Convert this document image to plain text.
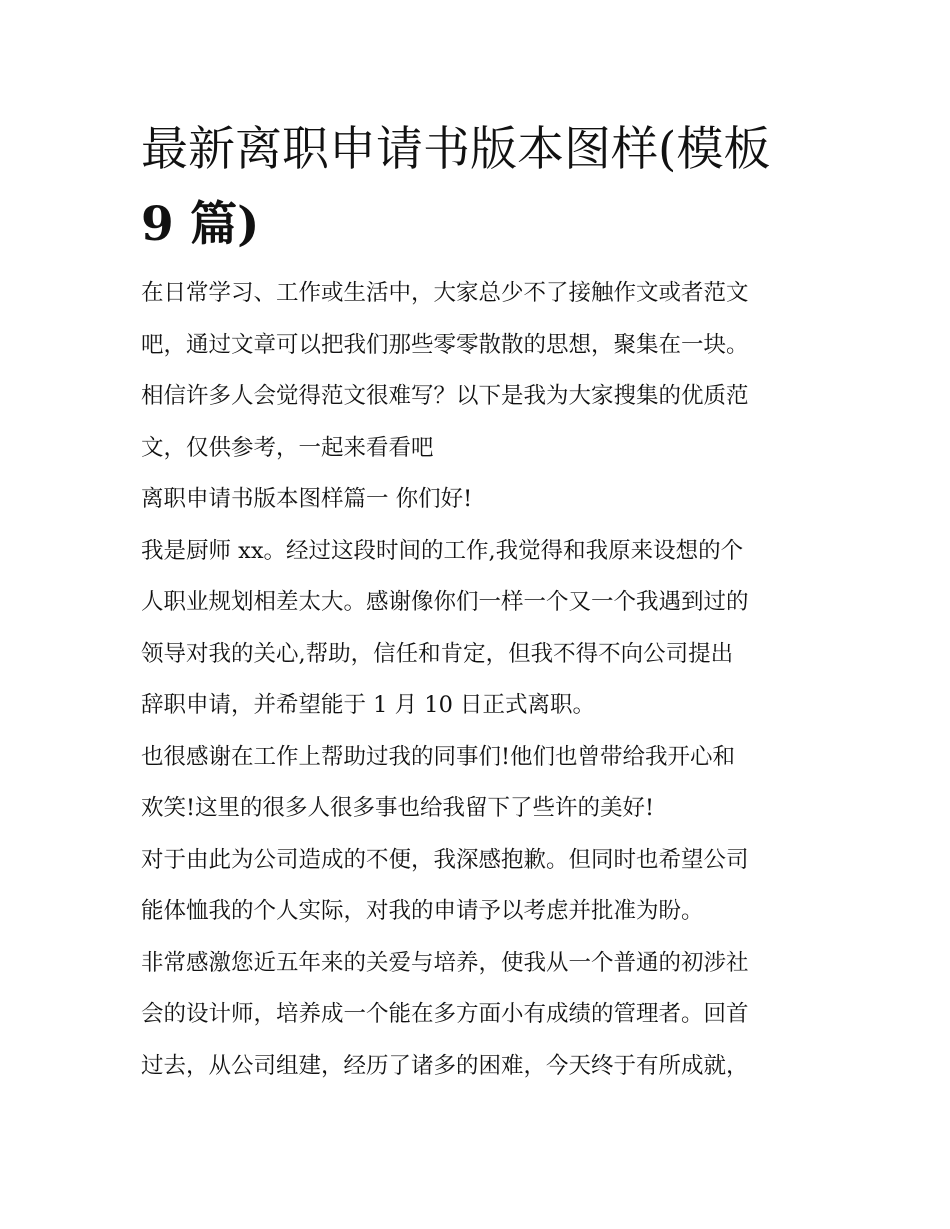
最新离职申请书版本图样(模板
9 篇)
在日常学习、工作或生活中，大家总少不了接触作文或者范文
吧，通过文章可以把我们那些零零散散的思想，聚集在一块。
相信许多人会觉得范文很难写？以下是我为大家搜集的优质范
文，仅供参考，一起来看看吧
离职申请书版本图样篇一 你们好!
我是厨师 xx。经过这段时间的工作,我觉得和我原来设想的个
人职业规划相差太大。感谢像你们一样一个又一个我遇到过的
领导对我的关心,帮助，信任和肯定，但我不得不向公司提出
辞职申请，并希望能于 1 月 10 日正式离职。
也很感谢在工作上帮助过我的同事们!他们也曾带给我开心和
欢笑!这里的很多人很多事也给我留下了些许的美好!
对于由此为公司造成的不便，我深感抱歉。但同时也希望公司
能体恤我的个人实际，对我的申请予以考虑并批准为盼。
非常感激您近五年来的关爱与培养，使我从一个普通的初涉社
会的设计师，培养成一个能在多方面小有成绩的管理者。回首
过去，从公司组建，经历了诸多的困难，今天终于有所成就，
